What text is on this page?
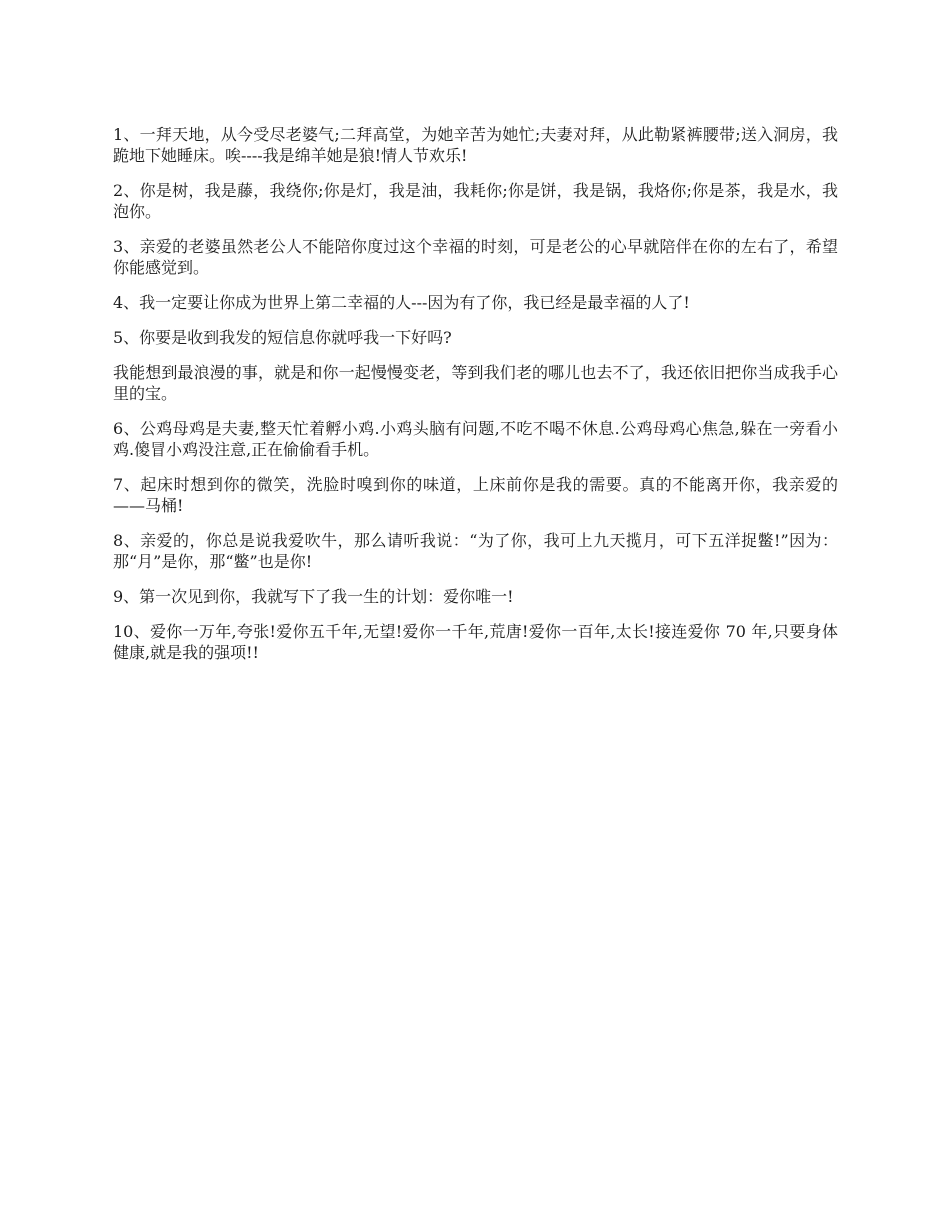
1、一拜天地，从今受尽老婆气;二拜高堂，为她辛苦为她忙;夫妻对拜，从此勒紧裤腰带;送入洞房，我跪地下她睡床。唉----我是绵羊她是狼!情人节欢乐!

2、你是树，我是藤，我绕你;你是灯，我是油，我耗你;你是饼，我是锅，我烙你;你是茶，我是水，我泡你。

3、亲爱的老婆虽然老公人不能陪你度过这个幸福的时刻，可是老公的心早就陪伴在你的左右了，希望你能感觉到。

4、我一定要让你成为世界上第二幸福的人---因为有了你，我已经是最幸福的人了!

5、你要是收到我发的短信息你就呼我一下好吗?

我能想到最浪漫的事，就是和你一起慢慢变老，等到我们老的哪儿也去不了，我还依旧把你当成我手心里的宝。

6、公鸡母鸡是夫妻,整天忙着孵小鸡.小鸡头脑有问题,不吃不喝不休息.公鸡母鸡心焦急,躲在一旁看小鸡.傻冒小鸡没注意,正在偷偷看手机。

7、起床时想到你的微笑，洗脸时嗅到你的味道，上床前你是我的需要。真的不能离开你，我亲爱的——马桶!

8、亲爱的，你总是说我爱吹牛，那么请听我说：“为了你，我可上九天揽月，可下五洋捉鳖!”因为：那“月”是你，那“鳖”也是你!

9、第一次见到你，我就写下了我一生的计划：爱你唯一!

10、爱你一万年,夸张!爱你五千年,无望!爱你一千年,荒唐!爱你一百年,太长!接连爱你 70 年,只要身体健康,就是我的强项!!
